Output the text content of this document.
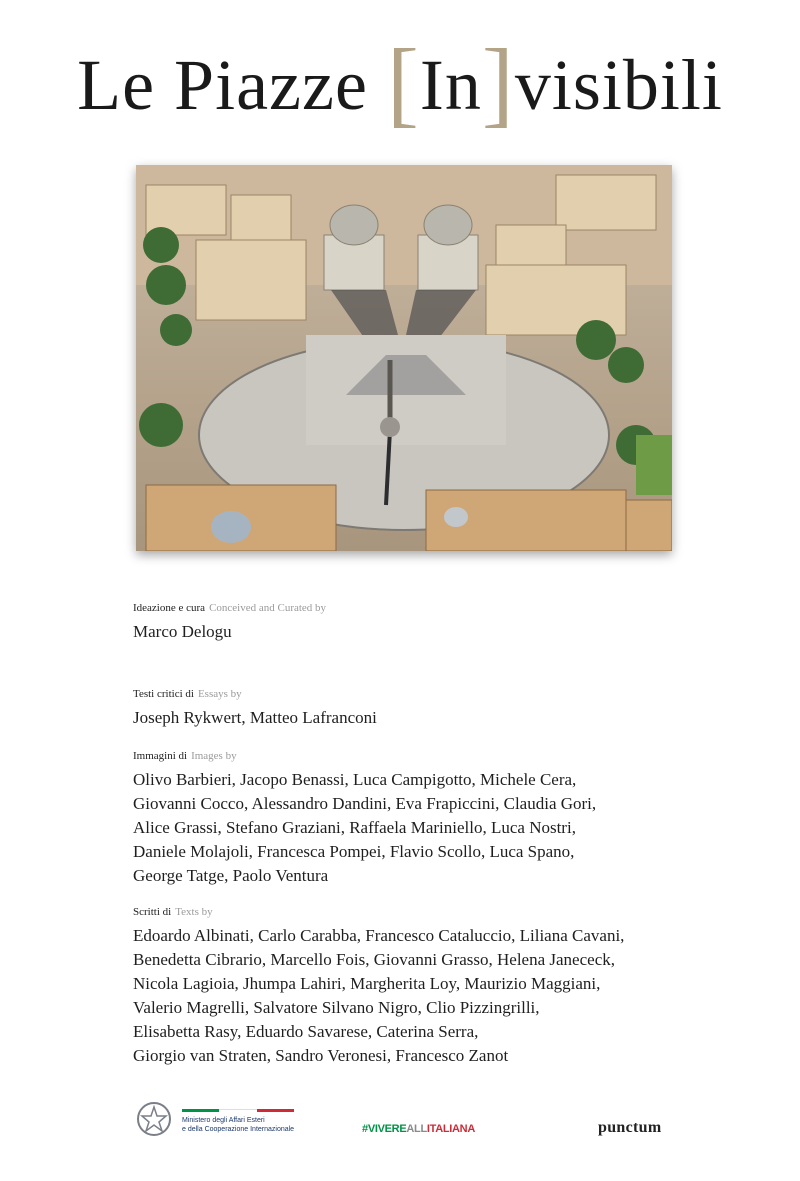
Le Piazze [In]visibili
Ideazione e cura Conceived and Curated by
Marco Delogu
Testi critici di Essays by
Joseph Rykwert, Matteo Lafranconi
Immagini di Images by
Olivo Barbieri, Jacopo Benassi, Luca Campigotto, Michele Cera,
Giovanni Cocco, Alessandro Dandini, Eva Frapiccini, Claudia Gori,
Alice Grassi, Stefano Graziani, Raffaela Mariniello, Luca Nostri,
Daniele Molajoli, Francesca Pompei, Flavio Scollo, Luca Spano,
George Tatge, Paolo Ventura
Scritti di Texts by
Edoardo Albinati, Carlo Carabba, Francesco Cataluccio, Liliana Cavani,
Benedetta Cibrario, Marcello Fois, Giovanni Grasso, Helena Janececk,
Nicola Lagioia, Jhumpa Lahiri, Margherita Loy, Maurizio Maggiani,
Valerio Magrelli, Salvatore Silvano Nigro, Clio Pizzingrilli,
Elisabetta Rasy, Eduardo Savarese, Caterina Serra,
Giorgio van Straten, Sandro Veronesi, Francesco Zanot
Ministero degli Affari Esteri
e della Cooperazione Internazionale	#VIVEREALLITALIANA	punctum
